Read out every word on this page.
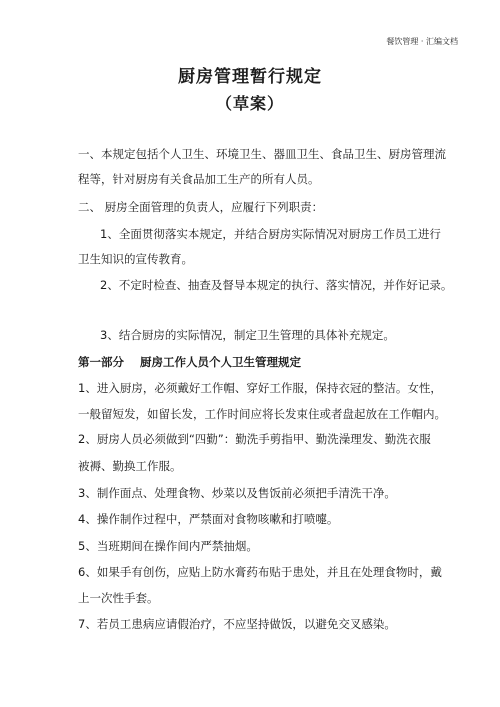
餐饮管理 · 汇编文档
厨房管理暂行规定
（草案）
一、本规定包括个人卫生、环境卫生、器皿卫生、食品卫生、厨房管理流
程等，针对厨房有关食品加工生产的所有人员。
二、 厨房全面管理的负责人，应履行下列职责：
1、全面贯彻落实本规定，并结合厨房实际情况对厨房工作员工进行
卫生知识的宣传教育。
2、不定时检查、抽查及督导本规定的执行、落实情况，并作好记录。
3、结合厨房的实际情况，制定卫生管理的具体补充规定。
第一部分    厨房工作人员个人卫生管理规定
1、进入厨房，必须戴好工作帽、穿好工作服，保持衣冠的整洁。女性，
一般留短发，如留长发，工作时间应将长发束住或者盘起放在工作帽内。
2、厨房人员必须做到“四勤”：勤洗手剪指甲、勤洗澡理发、勤洗衣服
被褥、勤换工作服。
3、制作面点、处理食物、炒菜以及售饭前必须把手清洗干净。
4、操作制作过程中，严禁面对食物咳嗽和打喷嚏。
5、当班期间在操作间内严禁抽烟。
6、如果手有创伤，应贴上防水膏药布贴于患处，并且在处理食物时，戴
上一次性手套。
7、若员工患病应请假治疗，不应坚持做饭，以避免交叉感染。
